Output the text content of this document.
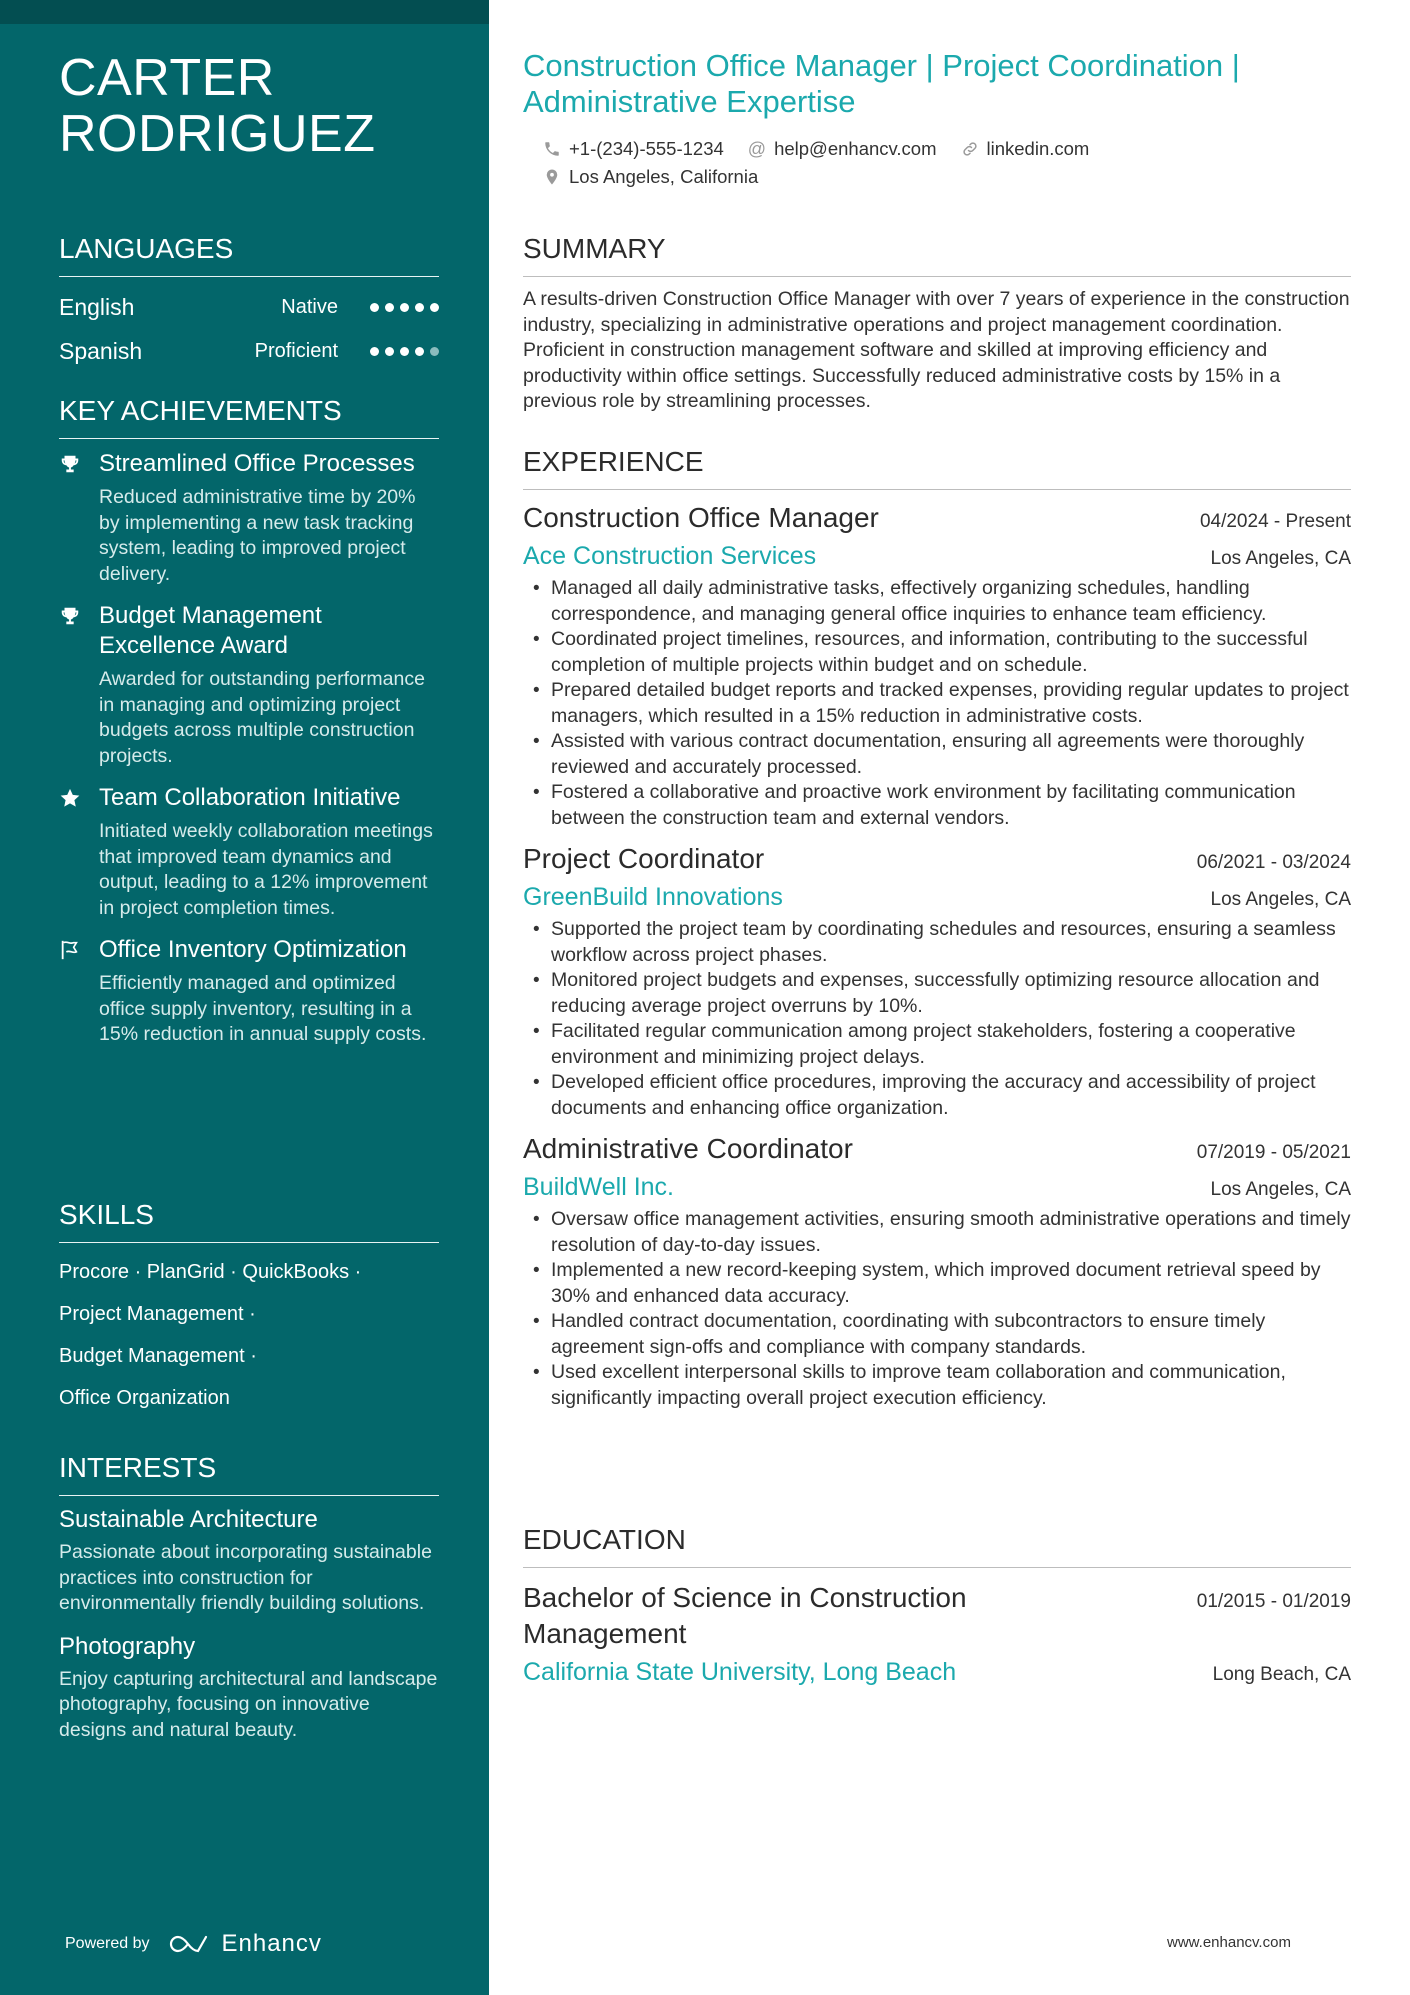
CARTER RODRIGUEZ
LANGUAGES
English	Native
Spanish	Proficient
KEY ACHIEVEMENTS
Streamlined Office Processes
Reduced administrative time by 20% by implementing a new task tracking system, leading to improved project delivery.
Budget Management Excellence Award
Awarded for outstanding performance in managing and optimizing project budgets across multiple construction projects.
Team Collaboration Initiative
Initiated weekly collaboration meetings that improved team dynamics and output, leading to a 12% improvement in project completion times.
Office Inventory Optimization
Efficiently managed and optimized office supply inventory, resulting in a 15% reduction in annual supply costs.
SKILLS
Procore · PlanGrid · QuickBooks ·
Project Management ·
Budget Management ·
Office Organization
INTERESTS
Sustainable Architecture
Passionate about incorporating sustainable practices into construction for environmentally friendly building solutions.
Photography
Enjoy capturing architectural and landscape photography, focusing on innovative designs and natural beauty.
Powered by	Enhancv
Construction Office Manager | Project Coordination | Administrative Expertise
+1-(234)-555-1234 @ help@enhancv.com	linkedin.com
Los Angeles, California
SUMMARY

A results-driven Construction Office Manager with over 7 years of experience in the construction industry, specializing in administrative operations and project management coordination. Proficient in construction management software and skilled at improving efficiency and productivity within office settings. Successfully reduced administrative costs by 15% in a previous role by streamlining processes.

EXPERIENCE
Construction Office Manager	04/2024 - Present
Ace Construction Services	Los Angeles, CA
• Managed all daily administrative tasks, effectively organizing schedules, handling correspondence, and managing general office inquiries to enhance team efficiency.
• Coordinated project timelines, resources, and information, contributing to the successful completion of multiple projects within budget and on schedule.
• Prepared detailed budget reports and tracked expenses, providing regular updates to project managers, which resulted in a 15% reduction in administrative costs.
• Assisted with various contract documentation, ensuring all agreements were thoroughly reviewed and accurately processed.
• Fostered a collaborative and proactive work environment by facilitating communication between the construction team and external vendors.
Project Coordinator	06/2021 - 03/2024
GreenBuild Innovations	Los Angeles, CA
• Supported the project team by coordinating schedules and resources, ensuring a seamless workflow across project phases.
• Monitored project budgets and expenses, successfully optimizing resource allocation and reducing average project overruns by 10%.
• Facilitated regular communication among project stakeholders, fostering a cooperative environment and minimizing project delays.
• Developed efficient office procedures, improving the accuracy and accessibility of project documents and enhancing office organization.
Administrative Coordinator	07/2019 - 05/2021
BuildWell Inc.	Los Angeles, CA
• Oversaw office management activities, ensuring smooth administrative operations and timely resolution of day-to-day issues.
• Implemented a new record-keeping system, which improved document retrieval speed by 30% and enhanced data accuracy.
• Handled contract documentation, coordinating with subcontractors to ensure timely agreement sign-offs and compliance with company standards.
• Used excellent interpersonal skills to improve team collaboration and communication, significantly impacting overall project execution efficiency.
EDUCATION
Bachelor of Science in Construction Management
01/2015 - 01/2019
California State University, Long Beach	Long Beach, CA
www.enhancv.com
